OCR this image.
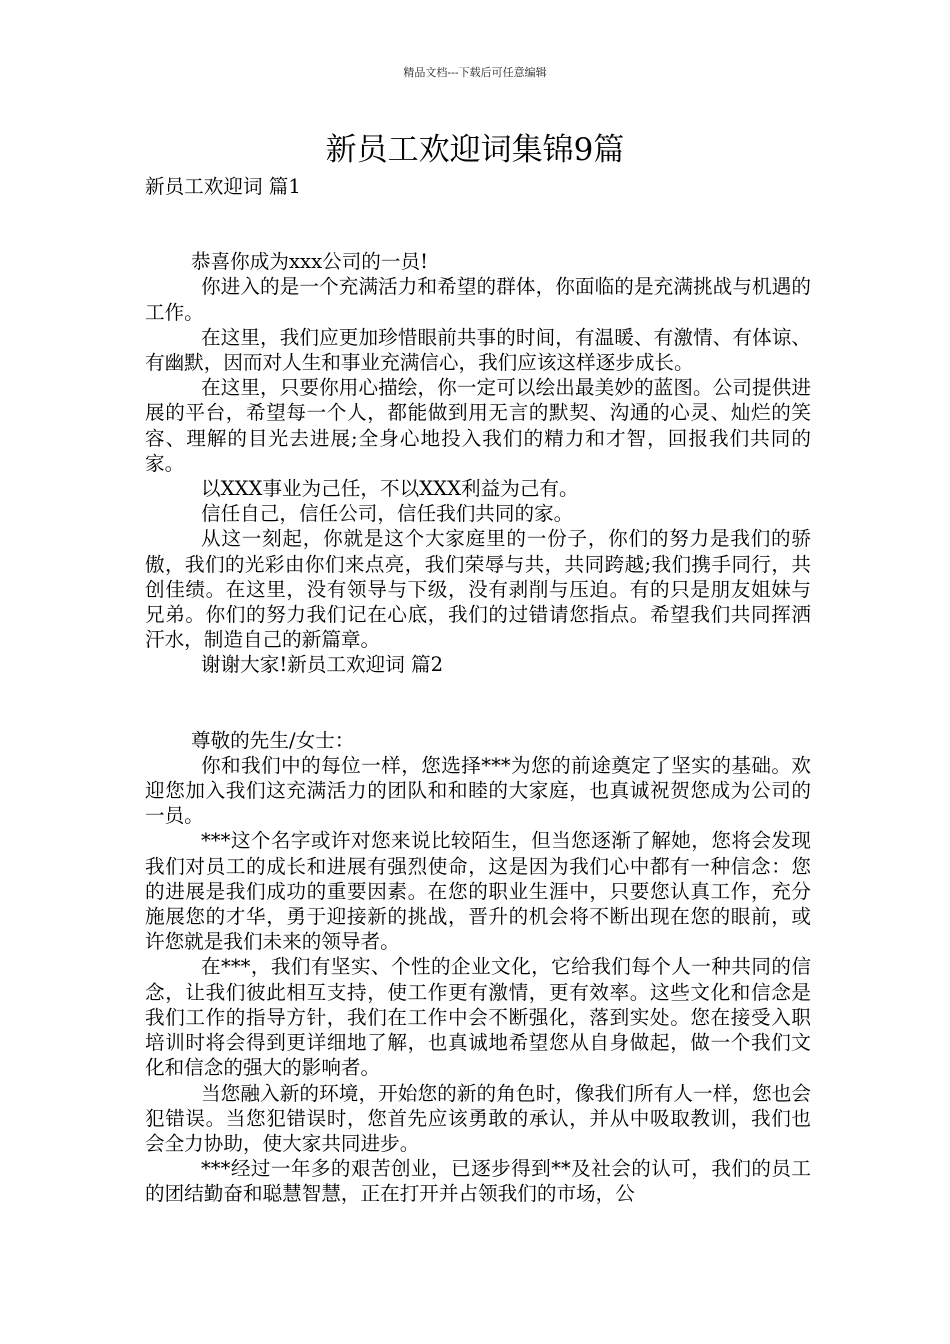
精品文档---下载后可任意编辑
新员工欢迎词集锦9篇

新员工欢迎词 篇1

恭喜你成为xxx公司的一员!

你进入的是一个充满活力和希望的群体，你面临的是充满挑战与机遇的工作。

在这里，我们应更加珍惜眼前共事的时间，有温暖、有激情、有体谅、有幽默，因而对人生和事业充满信心，我们应该这样逐步成长。

在这里，只要你用心描绘，你一定可以绘出最美妙的蓝图。公司提供进展的平台，希望每一个人，都能做到用无言的默契、沟通的心灵、灿烂的笑容、理解的目光去进展;全身心地投入我们的精力和才智，回报我们共同的家。

以XXX事业为己任，不以XXX利益为己有。

信任自己，信任公司，信任我们共同的家。

从这一刻起，你就是这个大家庭里的一份子，你们的努力是我们的骄傲，我们的光彩由你们来点亮，我们荣辱与共，共同跨越;我们携手同行，共创佳绩。在这里，没有领导与下级，没有剥削与压迫。有的只是朋友姐妹与兄弟。你们的努力我们记在心底，我们的过错请您指点。希望我们共同挥洒汗水，制造自己的新篇章。

谢谢大家!新员工欢迎词 篇2

尊敬的先生/女士：

你和我们中的每位一样，您选择***为您的前途奠定了坚实的基础。欢迎您加入我们这充满活力的团队和和睦的大家庭，也真诚祝贺您成为公司的一员。

***这个名字或许对您来说比较陌生，但当您逐渐了解她，您将会发现我们对员工的成长和进展有强烈使命，这是因为我们心中都有一种信念：您的进展是我们成功的重要因素。在您的职业生涯中，只要您认真工作，充分施展您的才华，勇于迎接新的挑战，晋升的机会将不断出现在您的眼前，或许您就是我们未来的领导者。

在***，我们有坚实、个性的企业文化，它给我们每个人一种共同的信念，让我们彼此相互支持，使工作更有激情，更有效率。这些文化和信念是我们工作的指导方针，我们在工作中会不断强化，落到实处。您在接受入职培训时将会得到更详细地了解，也真诚地希望您从自身做起，做一个我们文化和信念的强大的影响者。

当您融入新的环境，开始您的新的角色时，像我们所有人一样，您也会犯错误。当您犯错误时，您首先应该勇敢的承认，并从中吸取教训，我们也会全力协助，使大家共同进步。

***经过一年多的艰苦创业，已逐步得到**及社会的认可，我们的员工的团结勤奋和聪慧智慧，正在打开并占领我们的市场，公
